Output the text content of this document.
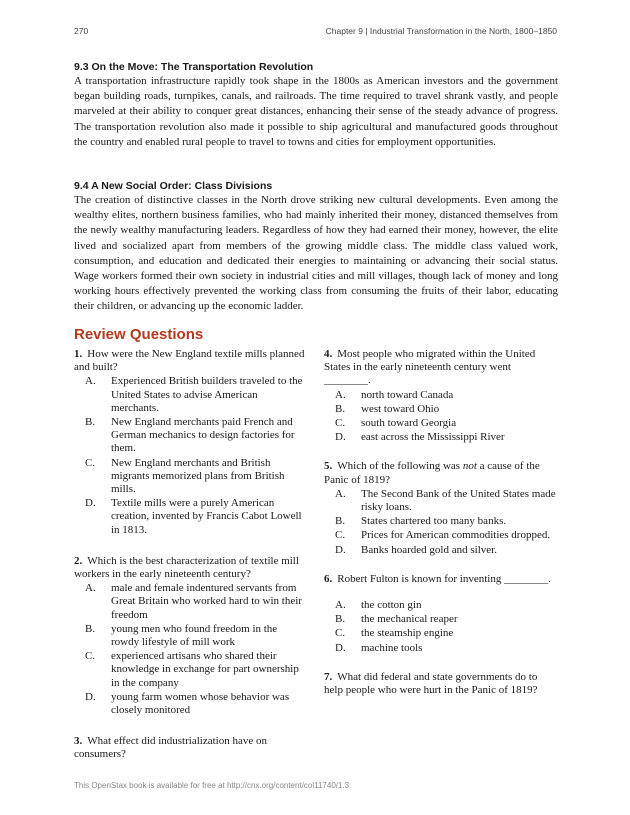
270	Chapter 9 | Industrial Transformation in the North, 1800–1850
9.3 On the Move: The Transportation Revolution

A transportation infrastructure rapidly took shape in the 1800s as American investors and the government began building roads, turnpikes, canals, and railroads. The time required to travel shrank vastly, and people marveled at their ability to conquer great distances, enhancing their sense of the steady advance of progress. The transportation revolution also made it possible to ship agricultural and manufactured goods throughout the country and enabled rural people to travel to towns and cities for employment opportunities.

9.4 A New Social Order: Class Divisions

The creation of distinctive classes in the North drove striking new cultural developments. Even among the wealthy elites, northern business families, who had mainly inherited their money, distanced themselves from the newly wealthy manufacturing leaders. Regardless of how they had earned their money, however, the elite lived and socialized apart from members of the growing middle class. The middle class valued work, consumption, and education and dedicated their energies to maintaining or advancing their social status. Wage workers formed their own society in industrial cities and mill villages, though lack of money and long working hours effectively prevented the working class from consuming the fruits of their labor, educating their children, or advancing up the economic ladder.

Review Questions

1. How were the New England textile mills planned and built?

A.	Experienced British builders traveled to the United States to advise American merchants.
B.	New England merchants paid French and German mechanics to design factories for them.
C.	New England merchants and British migrants memorized plans from British mills.
D.	Textile mills were a purely American creation, invented by Francis Cabot Lowell in 1813.

2. Which is the best characterization of textile mill workers in the early nineteenth century?

A.	male and female indentured servants from Great Britain who worked hard to win their freedom
B.	young men who found freedom in the rowdy lifestyle of mill work
C.	experienced artisans who shared their knowledge in exchange for part ownership in the company
D.	young farm women whose behavior was closely monitored

3. What effect did industrialization have on consumers?

4. Most people who migrated within the United States in the early nineteenth century went ________.

A.	north toward Canada
B.	west toward Ohio
C.	south toward Georgia
D.	east across the Mississippi River

5. Which of the following was not a cause of the Panic of 1819?

A.	The Second Bank of the United States made risky loans.
B.	States chartered too many banks.
C.	Prices for American commodities dropped.
D.	Banks hoarded gold and silver.

6. Robert Fulton is known for inventing ________.

A.	the cotton gin
B.	the mechanical reaper
C.	the steamship engine
D.	machine tools

7. What did federal and state governments do to help people who were hurt in the Panic of 1819?

This OpenStax book is available for free at http://cnx.org/content/col11740/1.3
